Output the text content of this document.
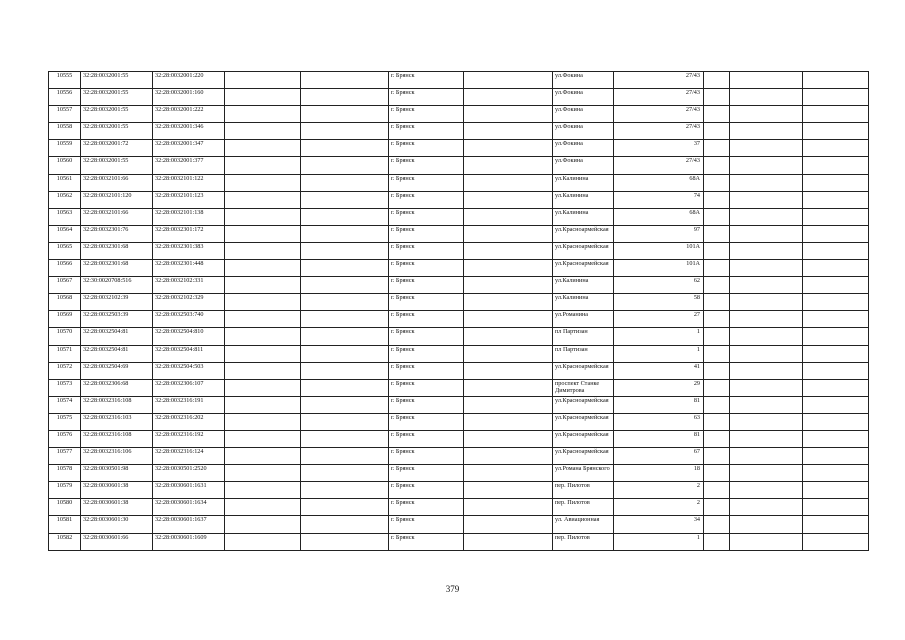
10555	32:28:0032001:55	32:28:0032001:220			г. Брянск		ул.Фокина	27/43			
10556	32:28:0032001:55	32:28:0032001:160			г. Брянск		ул.Фокина	27/43			
10557	32:28:0032001:55	32:28:0032001:222			г. Брянск		ул.Фокина	27/43			
10558	32:28:0032001:55	32:28:0032001:346			г. Брянск		ул.Фокина	27/43			
10559	32:28:0032001:72	32:28:0032001:347			г. Брянск		ул.Фокина	37			
10560	32:28:0032001:55	32:28:0032001:377			г. Брянск		ул.Фокина	27/43			
10561	32:28:0032101:66	32:28:0032101:122			г. Брянск		ул.Калинина	68А			
10562	32:28:0032101:120	32:28:0032101:123			г. Брянск		ул.Калинина	74			
10563	32:28:0032101:66	32:28:0032101:138			г. Брянск		ул.Калинина	68А			
10564	32:28:0032301:76	32:28:0032301:172			г. Брянск		ул.Красноармейская	97			
10565	32:28:0032301:68	32:28:0032301:383			г. Брянск		ул.Красноармейская	101А			
10566	32:28:0032301:68	32:28:0032301:448			г. Брянск		ул.Красноармейская	101А			
10567	32:30:0020708:516	32:28:0032102:331			г. Брянск		ул.Калинина	62			
10568	32:28:0032102:39	32:28:0032102:329			г. Брянск		ул.Калинина	58			
10569	32:28:0032503:39	32:28:0032503:740			г. Брянск		ул.Романина	27			
10570	32:28:0032504:81	32:28:0032504:810			г. Брянск		пл Партизан	1			
10571	32:28:0032504:81	32:28:0032504:811			г. Брянск		пл Партизан	1			
10572	32:28:0032504:69	32:28:0032504:503			г. Брянск		ул.Красноармейская	41			
10573	32:28:0032306:68	32:28:0032306:107			г. Брянск		проспект Станке Димитрова	29			
10574	32:28:0032316:108	32:28:0032316:191			г. Брянск		ул.Красноармейская	81			
10575	32:28:0032316:103	32:28:0032316:202			г. Брянск		ул.Красноармейская	63			
10576	32:28:0032316:108	32:28:0032316:192			г. Брянск		ул.Красноармейская	81			
10577	32:28:0032316:106	32:28:0032316:124			г. Брянск		ул.Красноармейская	67			
10578	32:28:0030501:98	32:28:0030501:2520			г. Брянск		ул.Романа Брянского	18			
10579	32:28:0030601:38	32:28:0030601:1631			г. Брянск		пер. Пилотов	2			
10580	32:28:0030601:38	32:28:0030601:1634			г. Брянск		пер. Пилотов	2			
10581	32:28:0030601:30	32:28:0030601:1637			г. Брянск		ул. Авиационная	34			
10582	32:28:0030601:66	32:28:0030601:1609			г. Брянск		пер. Пилотов	1			
379
